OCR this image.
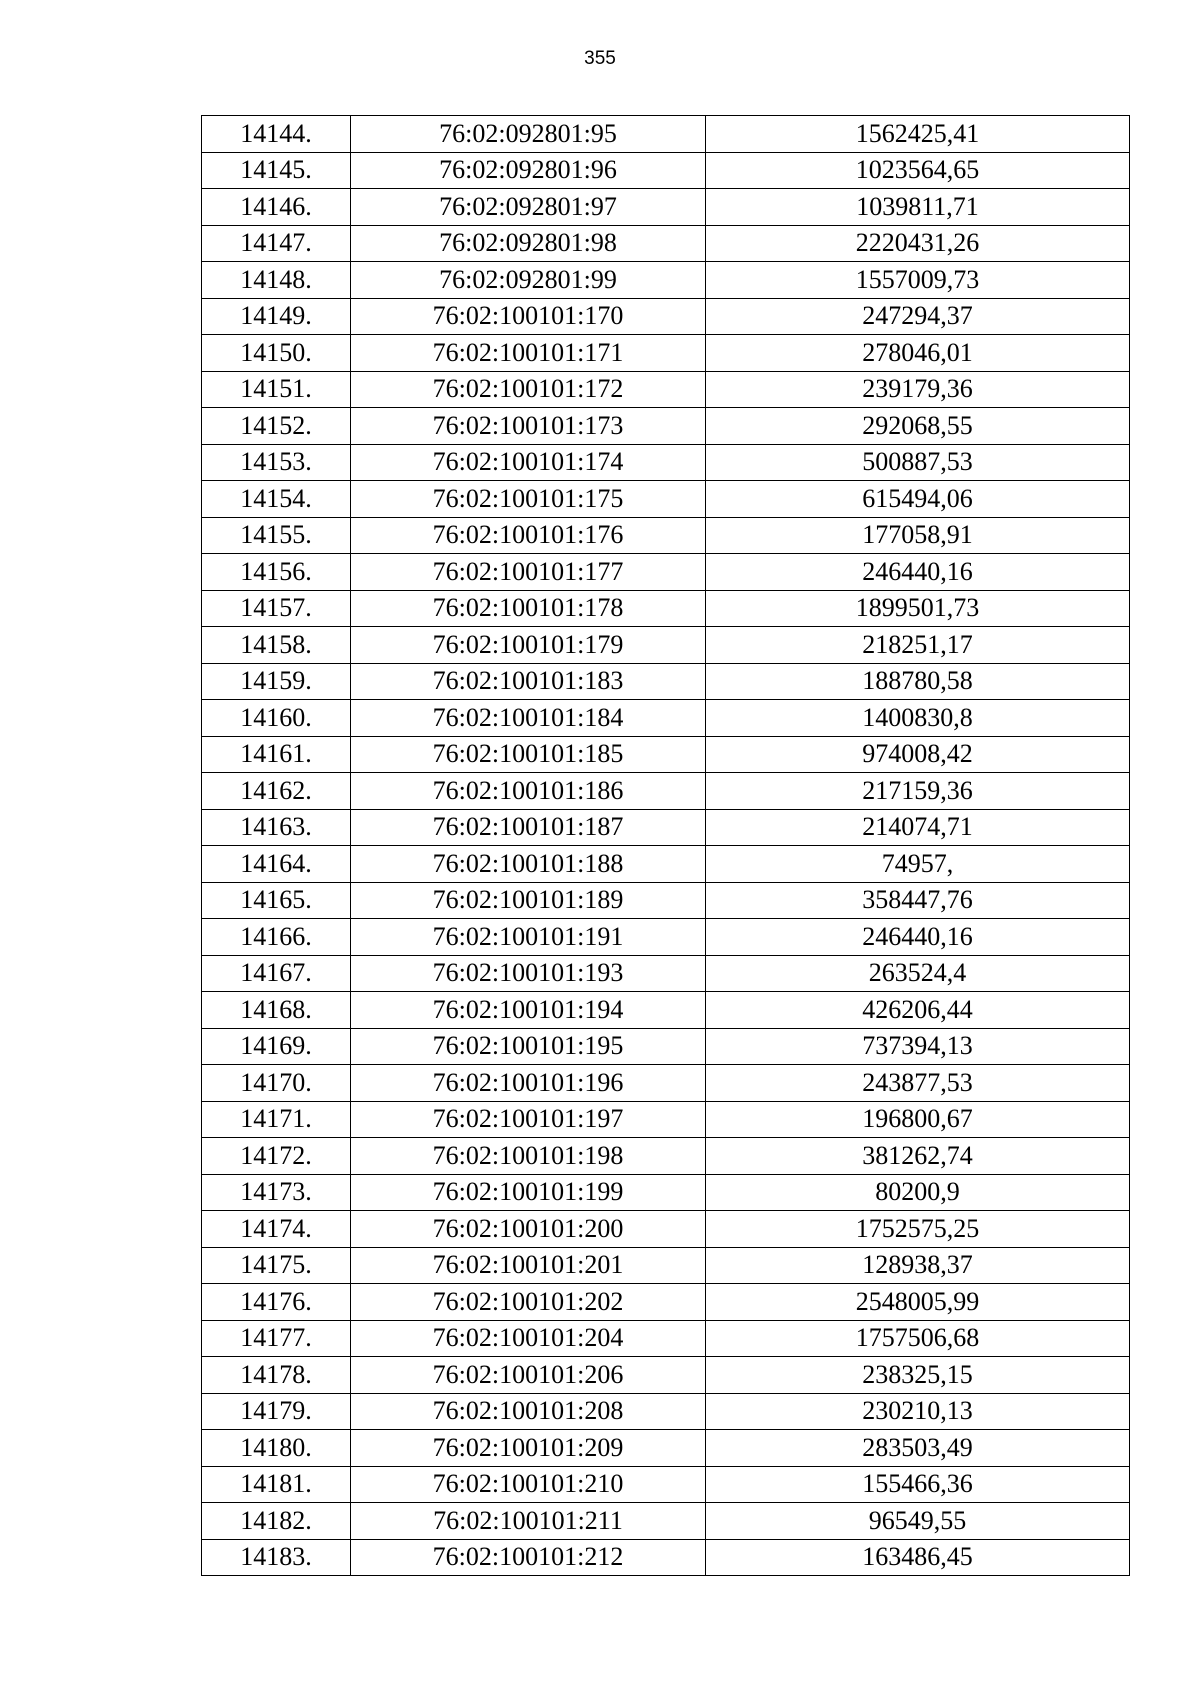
355
14144.	76:02:092801:95	1562425,41
14145.	76:02:092801:96	1023564,65
14146.	76:02:092801:97	1039811,71
14147.	76:02:092801:98	2220431,26
14148.	76:02:092801:99	1557009,73
14149.	76:02:100101:170	247294,37
14150.	76:02:100101:171	278046,01
14151.	76:02:100101:172	239179,36
14152.	76:02:100101:173	292068,55
14153.	76:02:100101:174	500887,53
14154.	76:02:100101:175	615494,06
14155.	76:02:100101:176	177058,91
14156.	76:02:100101:177	246440,16
14157.	76:02:100101:178	1899501,73
14158.	76:02:100101:179	218251,17
14159.	76:02:100101:183	188780,58
14160.	76:02:100101:184	1400830,8
14161.	76:02:100101:185	974008,42
14162.	76:02:100101:186	217159,36
14163.	76:02:100101:187	214074,71
14164.	76:02:100101:188	74957,
14165.	76:02:100101:189	358447,76
14166.	76:02:100101:191	246440,16
14167.	76:02:100101:193	263524,4
14168.	76:02:100101:194	426206,44
14169.	76:02:100101:195	737394,13
14170.	76:02:100101:196	243877,53
14171.	76:02:100101:197	196800,67
14172.	76:02:100101:198	381262,74
14173.	76:02:100101:199	80200,9
14174.	76:02:100101:200	1752575,25
14175.	76:02:100101:201	128938,37
14176.	76:02:100101:202	2548005,99
14177.	76:02:100101:204	1757506,68
14178.	76:02:100101:206	238325,15
14179.	76:02:100101:208	230210,13
14180.	76:02:100101:209	283503,49
14181.	76:02:100101:210	155466,36
14182.	76:02:100101:211	96549,55
14183.	76:02:100101:212	163486,45
